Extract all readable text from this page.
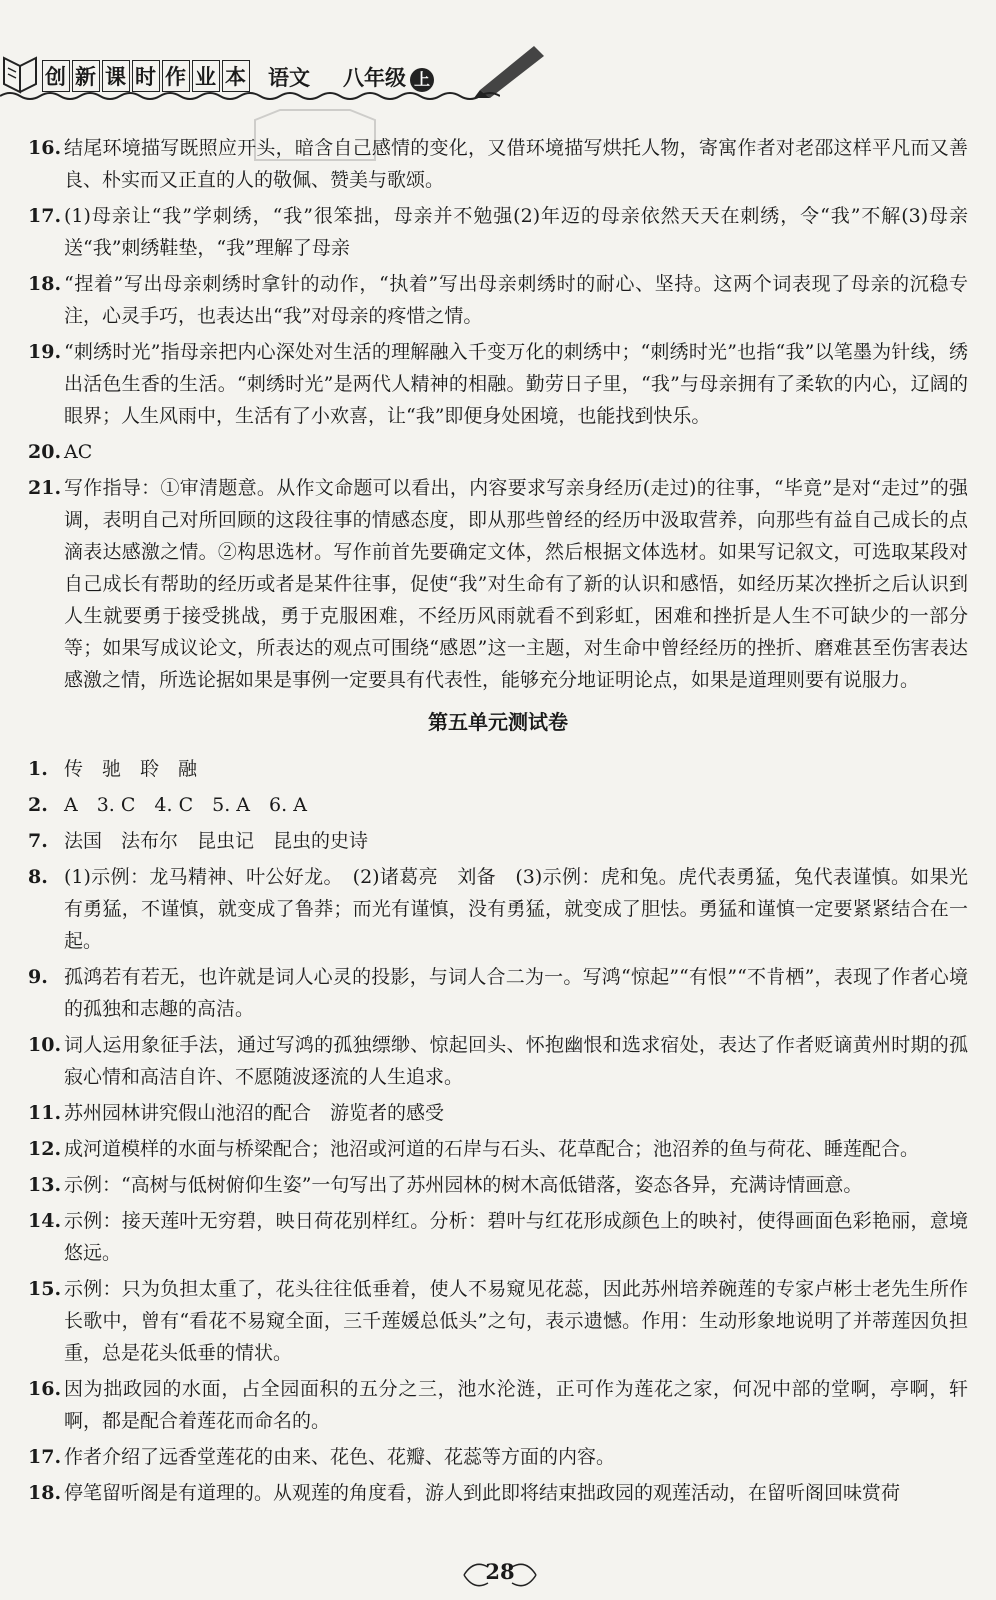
创 新 课 时 作 业 本 语文 八年级 上
16. 结尾环境描写既照应开头，暗含自己感情的变化，又借环境描写烘托人物，寄寓作者对老邵这样平凡而又善良、朴实而又正直的人的敬佩、赞美与歌颂。
17. (1)母亲让“我”学刺绣，“我”很笨拙，母亲并不勉强(2)年迈的母亲依然天天在刺绣，令“我”不解(3)母亲送“我”刺绣鞋垫，“我”理解了母亲
18. “捏着”写出母亲刺绣时拿针的动作，“执着”写出母亲刺绣时的耐心、坚持。这两个词表现了母亲的沉稳专注，心灵手巧，也表达出“我”对母亲的疼惜之情。
19. “刺绣时光”指母亲把内心深处对生活的理解融入千变万化的刺绣中；“刺绣时光”也指“我”以笔墨为针线，绣出活色生香的生活。“刺绣时光”是两代人精神的相融。勤劳日子里，“我”与母亲拥有了柔软的内心，辽阔的眼界；人生风雨中，生活有了小欢喜，让“我”即便身处困境，也能找到快乐。
20. AC
21. 写作指导：①审清题意。从作文命题可以看出，内容要求写亲身经历(走过)的往事，“毕竟”是对“走过”的强调，表明自己对所回顾的这段往事的情感态度，即从那些曾经的经历中汲取营养，向那些有益自己成长的点滴表达感激之情。②构思选材。写作前首先要确定文体，然后根据文体选材。如果写记叙文，可选取某段对自己成长有帮助的经历或者是某件往事，促使“我”对生命有了新的认识和感悟，如经历某次挫折之后认识到人生就要勇于接受挑战，勇于克服困难，不经历风雨就看不到彩虹，困难和挫折是人生不可缺少的一部分等；如果写成议论文，所表达的观点可围绕“感恩”这一主题，对生命中曾经经历的挫折、磨难甚至伤害表达感激之情，所选论据如果是事例一定要具有代表性，能够充分地证明论点，如果是道理则要有说服力。
第五单元测试卷
1. 传　驰　聆　融
2. A　3. C　4. C　5. A　6. A
7. 法国　法布尔　昆虫记　昆虫的史诗
8. (1)示例：龙马精神、叶公好龙。　(2)诸葛亮　刘备　(3)示例：虎和兔。虎代表勇猛，兔代表谨慎。如果光有勇猛，不谨慎，就变成了鲁莽；而光有谨慎，没有勇猛，就变成了胆怯。勇猛和谨慎一定要紧紧结合在一起。
9. 孤鸿若有若无，也许就是词人心灵的投影，与词人合二为一。写鸿“惊起”“有恨”“不肯栖”，表现了作者心境的孤独和志趣的高洁。
10. 词人运用象征手法，通过写鸿的孤独缥缈、惊起回头、怀抱幽恨和选求宿处，表达了作者贬谪黄州时期的孤寂心情和高洁自许、不愿随波逐流的人生追求。
11. 苏州园林讲究假山池沼的配合　游览者的感受
12. 成河道模样的水面与桥梁配合；池沼或河道的石岸与石头、花草配合；池沼养的鱼与荷花、睡莲配合。
13. 示例：“高树与低树俯仰生姿”一句写出了苏州园林的树木高低错落，姿态各异，充满诗情画意。
14. 示例：接天莲叶无穷碧，映日荷花别样红。分析：碧叶与红花形成颜色上的映衬，使得画面色彩艳丽，意境悠远。
15. 示例：只为负担太重了，花头往往低垂着，使人不易窥见花蕊，因此苏州培养碗莲的专家卢彬士老先生所作长歌中，曾有“看花不易窥全面，三千莲媛总低头”之句，表示遗憾。作用：生动形象地说明了并蒂莲因负担重，总是花头低垂的情状。
16. 因为拙政园的水面，占全园面积的五分之三，池水沦涟，正可作为莲花之家，何况中部的堂啊，亭啊，轩啊，都是配合着莲花而命名的。
17. 作者介绍了远香堂莲花的由来、花色、花瓣、花蕊等方面的内容。
18. 停笔留听阁是有道理的。从观莲的角度看，游人到此即将结束拙政园的观莲活动，在留听阁回味赏荷
28
